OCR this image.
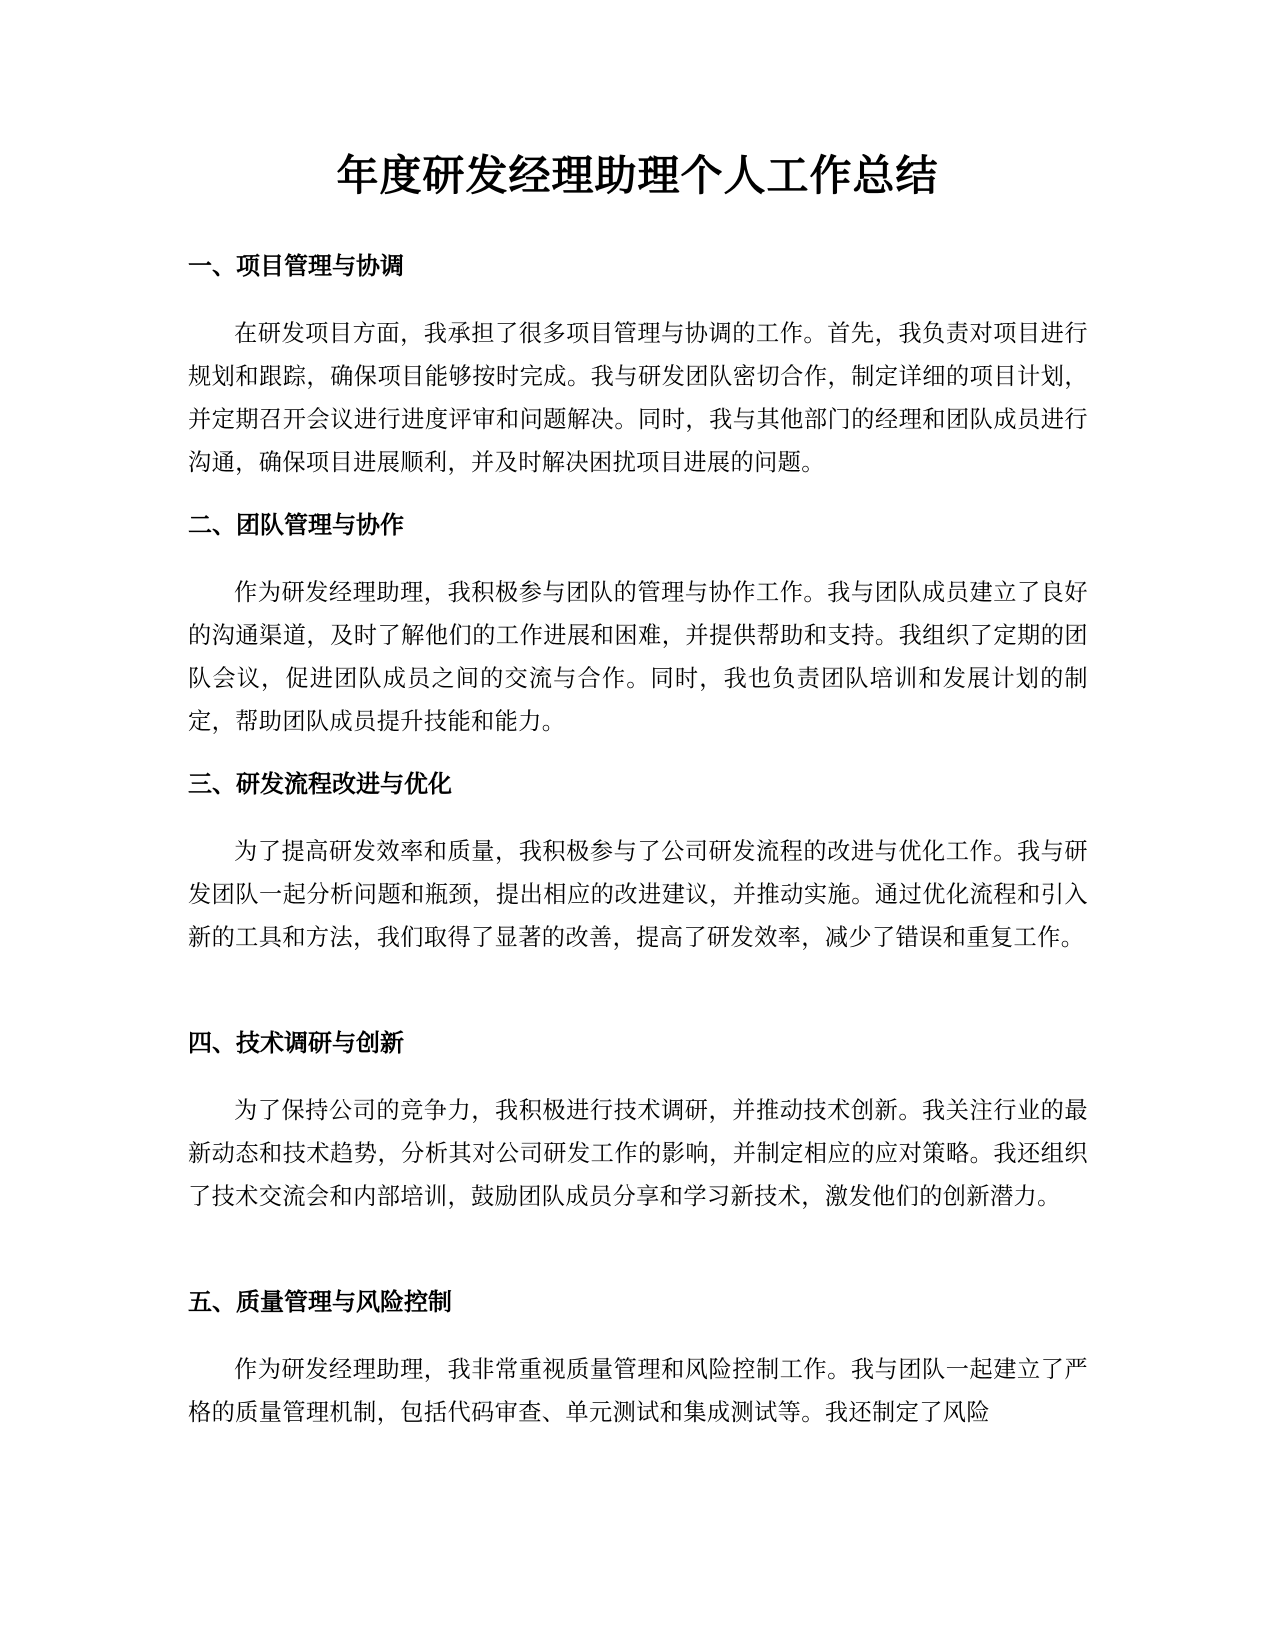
年度研发经理助理个人工作总结
一、项目管理与协调

在研发项目方面，我承担了很多项目管理与协调的工作。首先，我负责对项目进行规划和跟踪，确保项目能够按时完成。我与研发团队密切合作，制定详细的项目计划，并定期召开会议进行进度评审和问题解决。同时，我与其他部门的经理和团队成员进行沟通，确保项目进展顺利，并及时解决困扰项目进展的问题。

二、团队管理与协作

作为研发经理助理，我积极参与团队的管理与协作工作。我与团队成员建立了良好的沟通渠道，及时了解他们的工作进展和困难，并提供帮助和支持。我组织了定期的团队会议，促进团队成员之间的交流与合作。同时，我也负责团队培训和发展计划的制定，帮助团队成员提升技能和能力。

三、研发流程改进与优化

为了提高研发效率和质量，我积极参与了公司研发流程的改进与优化工作。我与研发团队一起分析问题和瓶颈，提出相应的改进建议，并推动实施。通过优化流程和引入新的工具和方法，我们取得了显著的改善，提高了研发效率，减少了错误和重复工作。

四、技术调研与创新

为了保持公司的竞争力，我积极进行技术调研，并推动技术创新。我关注行业的最新动态和技术趋势，分析其对公司研发工作的影响，并制定相应的应对策略。我还组织了技术交流会和内部培训，鼓励团队成员分享和学习新技术，激发他们的创新潜力。

五、质量管理与风险控制

作为研发经理助理，我非常重视质量管理和风险控制工作。我与团队一起建立了严格的质量管理机制，包括代码审查、单元测试和集成测试等。我还制定了风险
